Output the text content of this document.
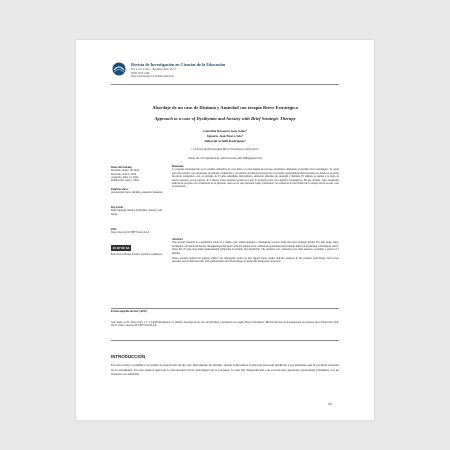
Revista de Investigación en Ciencias de la Educación
Vol. 2, No 4, julio – diciembre 2024, 26-37
ISSN: 3073-1445
https://revistarebecv.com/index.php/riced
Abordaje de un caso de Distimia y Ansiedad con terapia Breve Estratégica
Approach to a case of Dysthymia and Anxiety with Brief Strategic Therapy
Gabriela Rosaura Soto Soler¹
Ignacio José Bravo Isla²
Deborah Schulz Rodríguez³
¹,²,³Centro de Psicoterapia Breve Estratégica, Lima, Perú.
¹Autor de correspondencia: gabriela.soto.soler.188@gmail.com
Datos del artículo:
Recibido: marzo 18, 2024
Revisado: abril 5, 2024
Aceptado: junio 12, 2024
Publicación: julio 1, 2024
Palabras clave:
psicoterapia breve, distimia, ansiedad, bienestar.
Keywords:
Brief Strategic Model, dysthymia, anxiety, well-being.
DOI:
https://doi.org/10.53877/riced.2.4.6
CC BY NC SA
Esta obra está bajo licencia Creative Commons.
Resumen
La presente investigación es un estudio cualitativo de caso único, el cual analiza un proceso terapéutico utilizando el modelo breve estratégico. Se contó para este estudio con entrevistas de entrada, evaluación y de gestión de historia personal de la paciente, generándose intervenciones en donde se propicia un efecto terapéutico. Así, la paciente de 25 años estudiante universitaria, demostró síntomas de ansiedad y distimia. El análisis se realizó a lo largo de nueve sesiones, en un espacio de 5 meses. Estas sesiones ayudaron a que la paciente logre sus objetivos terapéuticos. En ese sentido, estos resultados indican un progreso en el bienestar de la paciente, tanto en su vida personal como profesional. Se evidenció la efectividad de la terapia breve en este caso en particular.
Abstract
The present research is a qualitative study of a single case, which analyzes a therapeutic process using the brief strategic model. For this study, entry, evaluation, and personal history management interviews with the patient were conducted, generating interventions aimed at promoting a therapeutic effect. Thus, the 25-year-old patient demonstrated symptoms of anxiety and dysthymia. The analysis was conducted over nine sessions, spanning a period of 5 months.
These sessions helped the patient achieve her therapeutic goals. In this regard, these results indicate progress in the patient's well-being, both in her personal and professional life. This demonstrates the effectiveness of using this therapeutic approach.
Forma sugerida de citar (APA):
Soto-Soler, G. R., Bravo-Isla, I. J. y Schulz-Rodríguez, D. (2024). Abordaje de un caso de Distimia y Ansiedad con terapia Breve Estratégica. RICEd: Revista de Investigación en Ciencias de la Educación, 2(4), 26-37. https://doi.org/10.53877/riced2.4-6
INTRODUCCIÓN
En este trabajo académico se realiza la exposición de un caso únicamente de estudio, donde exploramos la historia personal detallada y los síntomas que la paciente presenta en la actualidad. En este, hemos aplicado la psicoterapia breve estratégica en la paciente, la cual fue diagnosticada con el trastorno depresivo persistente (distimia) con un trastorno de ansiedad.
26
